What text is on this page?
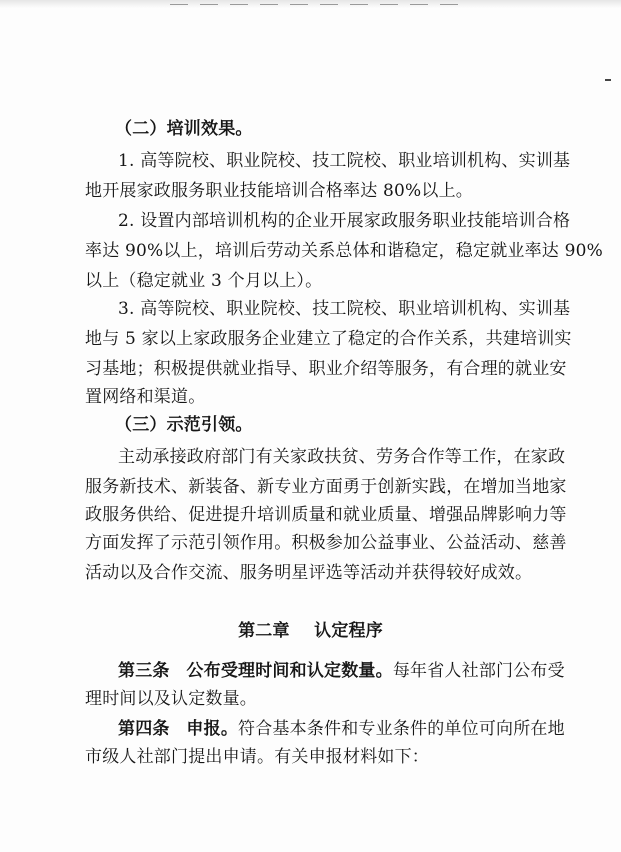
（二）培训效果。
1. 高等院校、职业院校、技工院校、职业培训机构、实训基
地开展家政服务职业技能培训合格率达 80%以上。
2. 设置内部培训机构的企业开展家政服务职业技能培训合格
率达 90%以上，培训后劳动关系总体和谐稳定，稳定就业率达 90%
以上（稳定就业 3 个月以上）。
3. 高等院校、职业院校、技工院校、职业培训机构、实训基
地与 5 家以上家政服务企业建立了稳定的合作关系，共建培训实
习基地；积极提供就业指导、职业介绍等服务，有合理的就业安
置网络和渠道。
（三）示范引领。
主动承接政府部门有关家政扶贫、劳务合作等工作，在家政
服务新技术、新装备、新专业方面勇于创新实践，在增加当地家
政服务供给、促进提升培训质量和就业质量、增强品牌影响力等
方面发挥了示范引领作用。积极参加公益事业、公益活动、慈善
活动以及合作交流、服务明星评选等活动并获得较好成效。
第二章    认定程序
第三条 公布受理时间和认定数量。每年省人社部门公布受
理时间以及认定数量。
第四条 申报。符合基本条件和专业条件的单位可向所在地
市级人社部门提出申请。有关申报材料如下：
